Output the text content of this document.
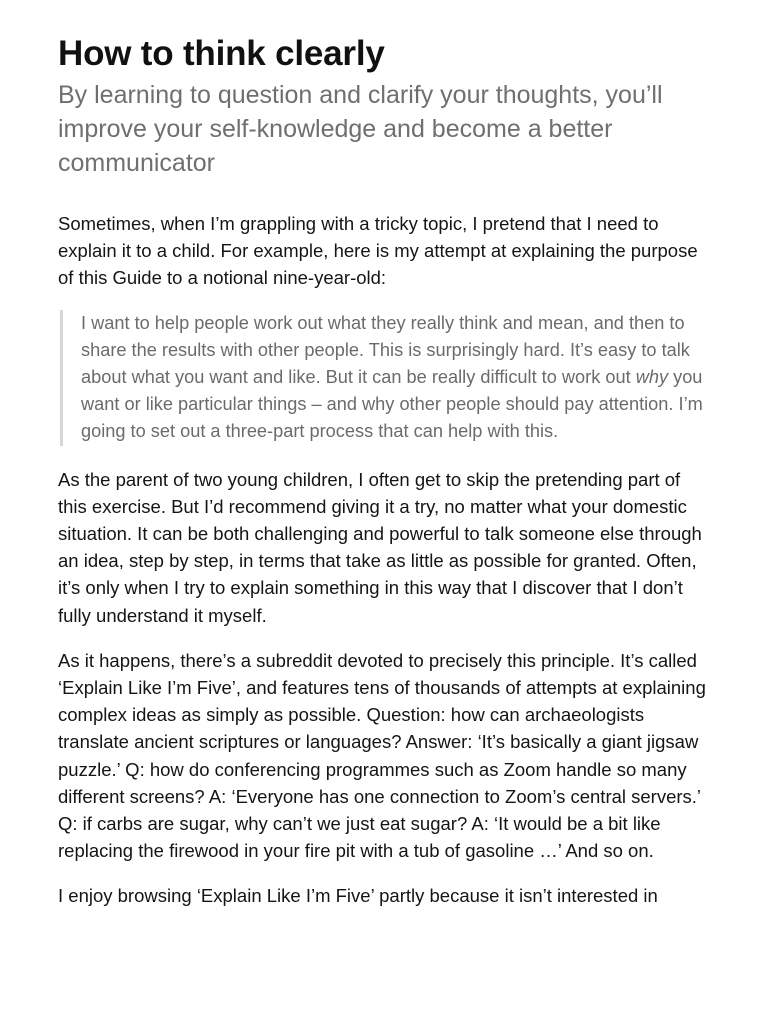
How to think clearly

By learning to question and clarify your thoughts, you’ll improve your self-knowledge and become a better communicator

Sometimes, when I’m grappling with a tricky topic, I pretend that I need to explain it to a child. For example, here is my attempt at explaining the purpose of this Guide to a notional nine-year-old:

I want to help people work out what they really think and mean, and then to share the results with other people. This is surprisingly hard. It’s easy to talk about what you want and like. But it can be really difficult to work out why you want or like particular things – and why other people should pay attention. I’m going to set out a three-part process that can help with this.

As the parent of two young children, I often get to skip the pretending part of this exercise. But I’d recommend giving it a try, no matter what your domestic situation. It can be both challenging and powerful to talk someone else through an idea, step by step, in terms that take as little as possible for granted. Often, it’s only when I try to explain something in this way that I discover that I don’t fully understand it myself.

As it happens, there’s a subreddit devoted to precisely this principle. It’s called ‘Explain Like I’m Five’, and features tens of thousands of attempts at explaining complex ideas as simply as possible. Question: how can archaeologists translate ancient scriptures or languages? Answer: ‘It’s basically a giant jigsaw puzzle.’ Q: how do conferencing programmes such as Zoom handle so many different screens? A: ‘Everyone has one connection to Zoom’s central servers.’ Q: if carbs are sugar, why can’t we just eat sugar? A: ‘It would be a bit like replacing the firewood in your fire pit with a tub of gasoline …’ And so on.

I enjoy browsing ‘Explain Like I’m Five’ partly because it isn’t interested in
